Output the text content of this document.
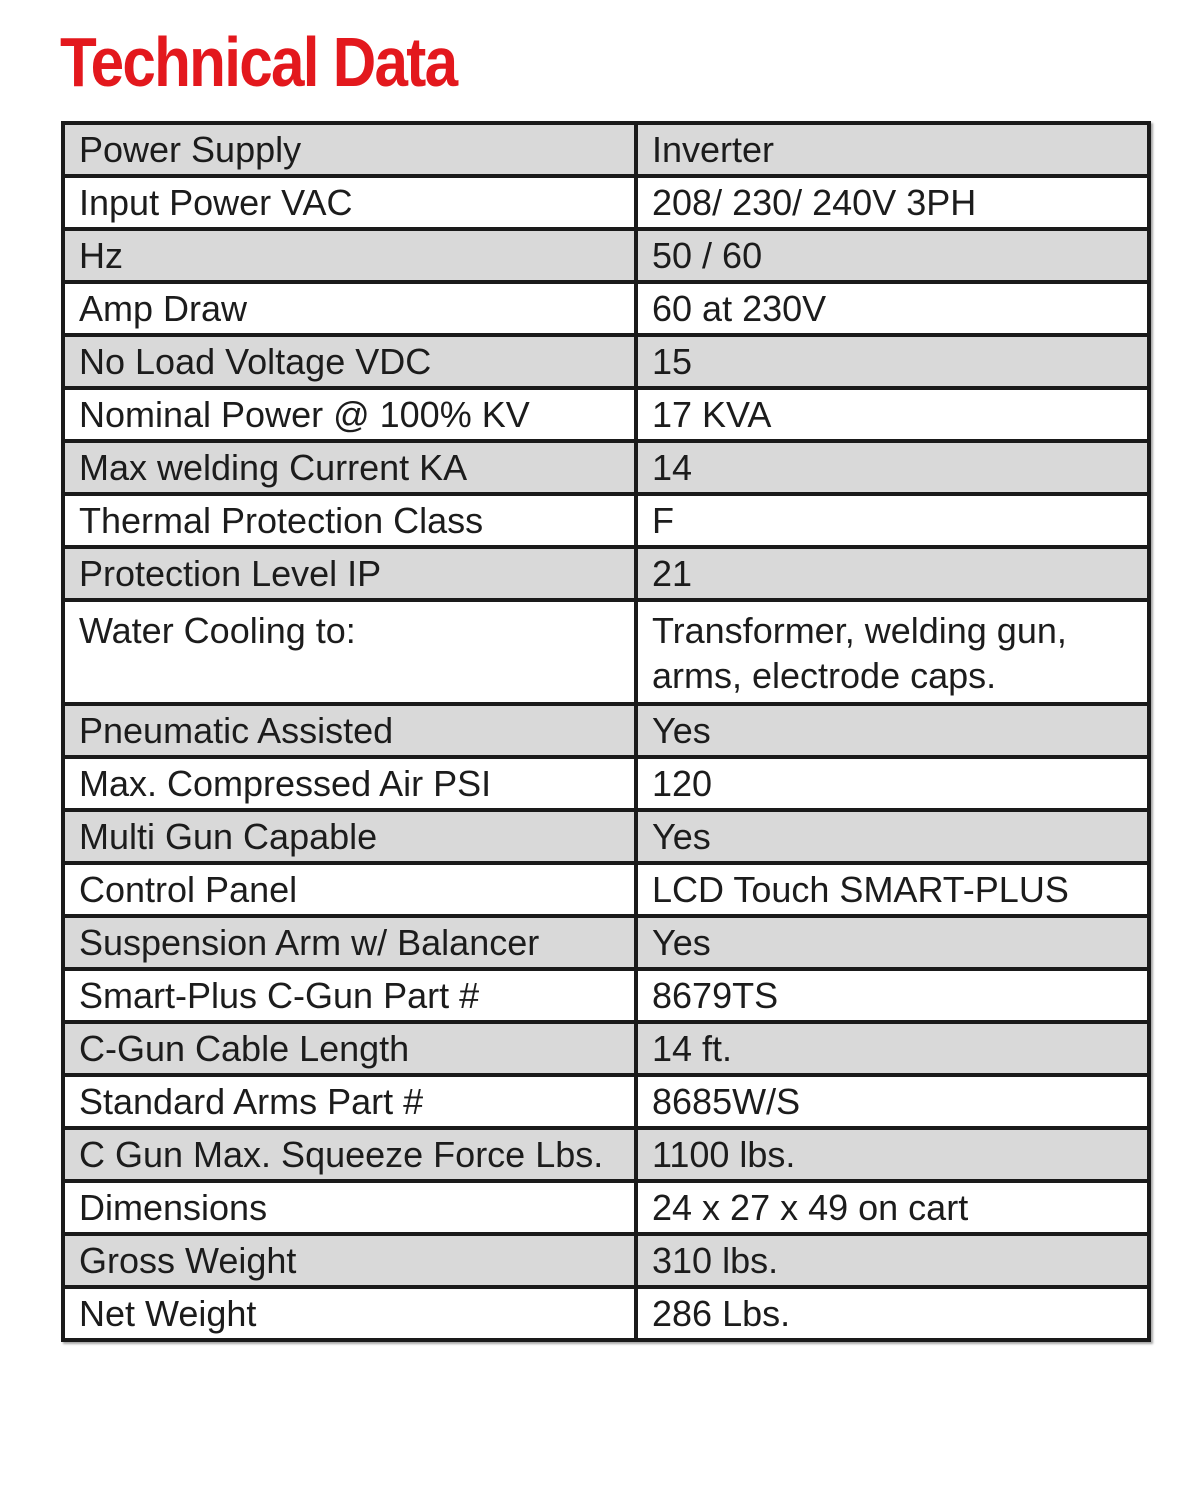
Technical Data
Power Supply	Inverter
Input Power VAC	208/ 230/ 240V 3PH
Hz	50 / 60
Amp Draw	60 at 230V
No Load Voltage VDC	15
Nominal Power @ 100% KV	17 KVA
Max welding Current KA	14
Thermal Protection Class	F
Protection Level IP	21
Water Cooling to:	Transformer, welding gun, arms, electrode caps.
Pneumatic Assisted	Yes
Max. Compressed Air PSI	120
Multi Gun Capable	Yes
Control Panel	LCD Touch SMART-PLUS
Suspension Arm w/ Balancer	Yes
Smart-Plus C-Gun Part #	8679TS
C-Gun Cable Length	14 ft.
Standard Arms Part #	8685W/S
C Gun Max. Squeeze Force Lbs.	1100 lbs.
Dimensions	24 x 27 x 49 on cart
Gross Weight	310 lbs.
Net Weight	286 Lbs.
